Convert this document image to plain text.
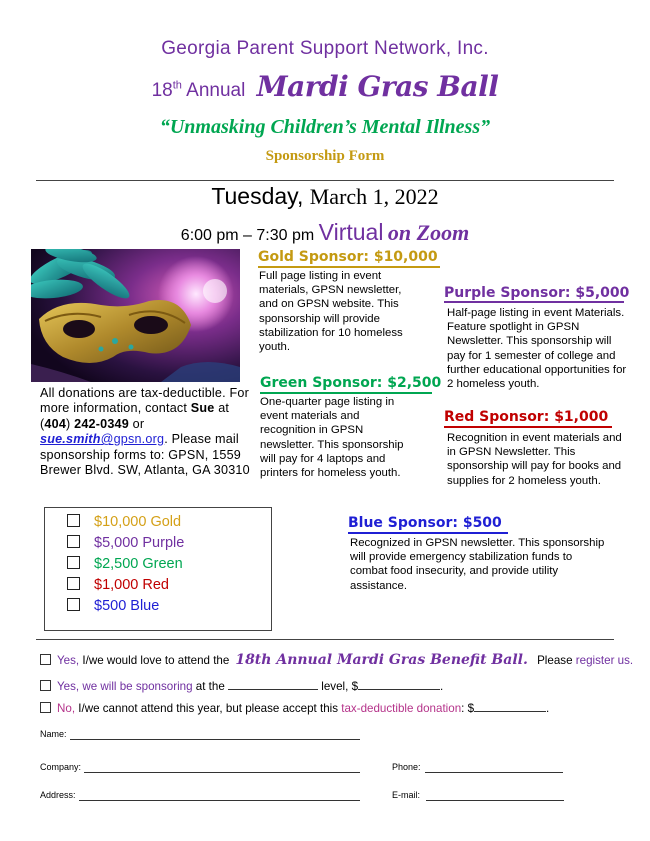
Georgia Parent Support Network, Inc.
18th Annual Mardi Gras Ball
“Unmasking Children’s Mental Illness”
Sponsorship Form
Tuesday, March 1, 2022
6:00 pm – 7:30 pm Virtual on Zoom
Gold Sponsor: $10,000
Full page listing in event materials, GPSN newsletter, and on GPSN website. This sponsorship will provide stabilization for 10 homeless youth.
Purple Sponsor: $5,000
Half-page listing in event Materials. Feature spotlight in GPSN Newsletter. This sponsorship will pay for 1 semester of college and further educational opportunities for 2 homeless youth.
Green Sponsor: $2,500
One-quarter page listing in event materials and recognition in GPSN newsletter. This sponsorship will pay for 4 laptops and printers for homeless youth.
Red Sponsor: $1,000
Recognition in event materials and in GPSN Newsletter. This sponsorship will pay for books and supplies for 2 homeless youth.
Blue Sponsor: $500
Recognized in GPSN newsletter. This sponsorship will provide emergency stabilization funds to combat food insecurity, and provide utility assistance.
All donations are tax-deductible. For more information, contact Sue at (404) 242-0349 or
sue.smith@gpsn.org. Please mail sponsorship forms to: GPSN, 1559 Brewer Blvd. SW, Atlanta, GA 30310
$10,000 Gold
$5,000 Purple
$2,500 Green
$1,000 Red
$500 Blue
Yes, I/we would love to attend the 18th Annual Mardi Gras Benefit Ball. Please register us.
Yes, we will be sponsoring at the	level, $	.
No, I/we cannot attend this year, but please accept this tax-deductible donation: $	.
Name:
Company:	Phone:
Address:	E-mail:
